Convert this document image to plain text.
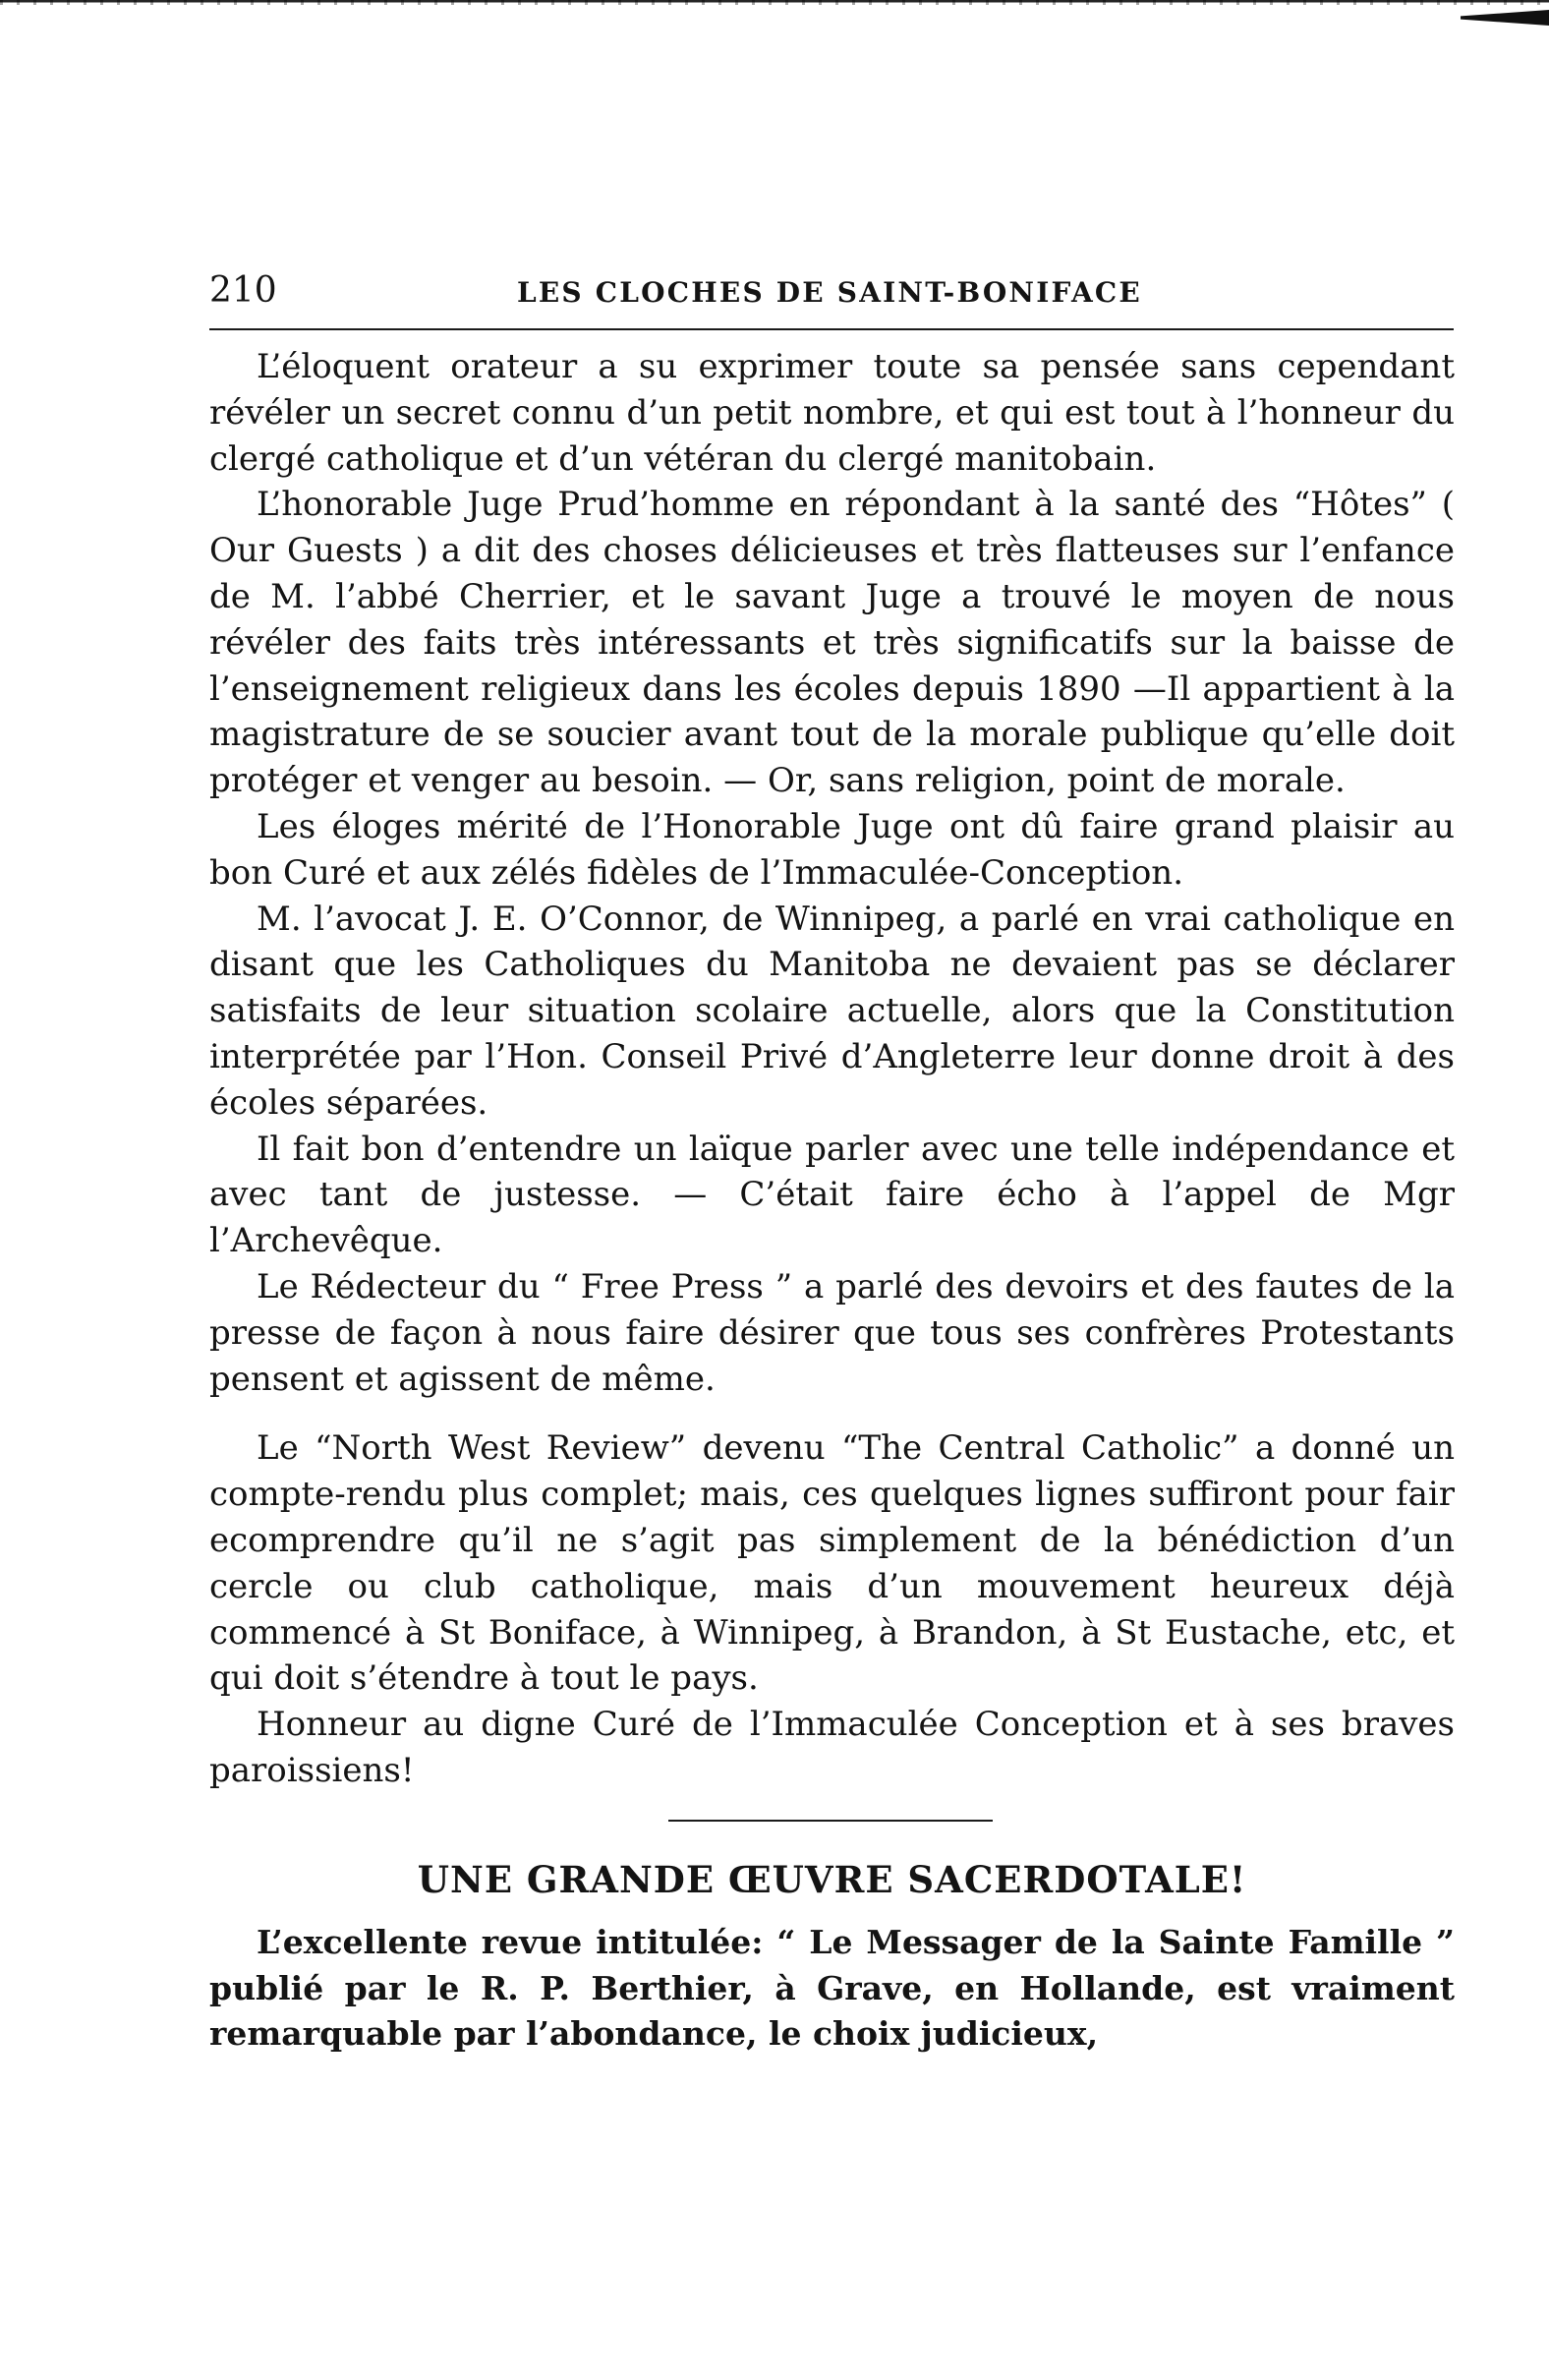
210	LES CLOCHES DE SAINT-BONIFACE

L’éloquent orateur a su exprimer toute sa pensée sans cependant révéler un secret connu d’un petit nombre, et qui est tout à l’honneur du clergé catholique et d’un vétéran du clergé manitobain.

L’honorable Juge Prud’homme en répondant à la santé des “Hôtes” ( Our Guests ) a dit des choses délicieuses et très flatteuses sur l’enfance de M. l’abbé Cherrier, et le savant Juge a trouvé le moyen de nous révéler des faits très intéressants et très significatifs sur la baisse de l’enseignement religieux dans les écoles depuis 1890 —Il appartient à la magistrature de se soucier avant tout de la morale publique qu’elle doit protéger et venger au besoin. — Or, sans religion, point de morale.

Les éloges mérité de l’Honorable Juge ont dû faire grand plaisir au bon Curé et aux zélés fidèles de l’Immaculée-Conception.

M. l’avocat J. E. O’Connor, de Winnipeg, a parlé en vrai catholique en disant que les Catholiques du Manitoba ne devaient pas se déclarer satisfaits de leur situation scolaire actuelle, alors que la Constitution interprétée par l’Hon. Conseil Privé d’Angleterre leur donne droit à des écoles séparées.

Il fait bon d’entendre un laïque parler avec une telle indépendance et avec tant de justesse. — C’était faire écho à l’appel de Mgr l’Archevêque.

Le Rédecteur du “ Free Press ” a parlé des devoirs et des fautes de la presse de façon à nous faire désirer que tous ses confrères Protestants pensent et agissent de même.

Le “North West Review” devenu “The Central Catholic” a donné un compte-rendu plus complet; mais, ces quelques lignes suffiront pour fair ecomprendre qu’il ne s’agit pas simplement de la bénédiction d’un cercle ou club catholique, mais d’un mouvement heureux déjà commencé à St Boniface, à Winnipeg, à Brandon, à St Eustache, etc, et qui doit s’étendre à tout le pays.

Honneur au digne Curé de l’Immaculée Conception et à ses braves paroissiens!

UNE GRANDE ŒUVRE SACERDOTALE!

L’excellente revue intitulée: “ Le Messager de la Sainte Famille ” publié par le R. P. Berthier, à Grave, en Hollande, est vraiment remarquable par l’abondance, le choix judicieux,
